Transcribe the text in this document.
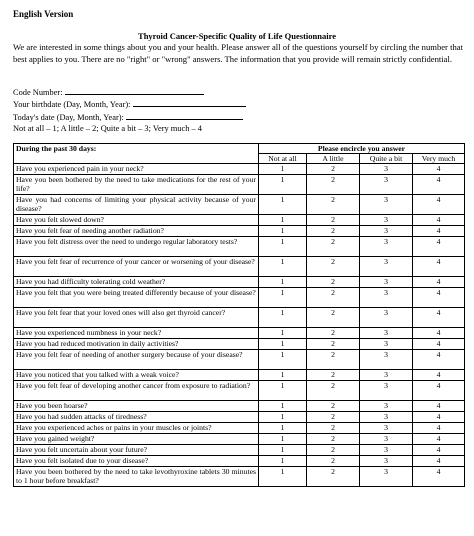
English Version
Thyroid Cancer-Specific Quality of Life Questionnaire
We are interested in some things about you and your health. Please answer all of the questions yourself by circling the number that best applies to you. There are no "right" or "wrong" answers. The information that you provide will remain strictly confidential.
Code Number:
Your birthdate (Day, Month, Year):
Today's date (Day, Month, Year):
Not at all – 1; A little – 2; Quite a bit – 3; Very much – 4
During the past 30 days:	Please encircle you answer			
	Not at all	A little	Quite a bit	Very much
Have you experienced pain in your neck?	1	2	3	4
Have you been bothered by the need to take medications for the rest of your life?	1	2	3	4
Have you had concerns of limiting your physical activity because of your disease?	1	2	3	4
Have you felt slowed down?	1	2	3	4
Have you felt fear of needing another radiation?	1	2	3	4
Have you felt distress over the need to undergo regular laboratory tests?	1	2	3	4
Have you felt fear of recurrence of your cancer or worsening of your disease?	1	2	3	4
Have you had difficulty tolerating cold weather?	1	2	3	4
Have you felt that you were being treated differently because of your disease?	1	2	3	4
Have you felt fear that your loved ones will also get thyroid cancer?	1	2	3	4
Have you experienced numbness in your neck?	1	2	3	4
Have you had reduced motivation in daily activities?	1	2	3	4
Have you felt fear of needing of another surgery because of your disease?	1	2	3	4
Have you noticed that you talked with a weak voice?	1	2	3	4
Have you felt fear of developing another cancer from exposure to radiation?	1	2	3	4
Have you been hoarse?	1	2	3	4
Have you had sudden attacks of tiredness?	1	2	3	4
Have you experienced aches or pains in your muscles or joints?	1	2	3	4
Have you gained weight?	1	2	3	4
Have you felt uncertain about your future?	1	2	3	4
Have you felt isolated due to your disease?	1	2	3	4
Have you been bothered by the need to take levothyroxine tablets 30 minutes to 1 hour before breakfast?	1	2	3	4
